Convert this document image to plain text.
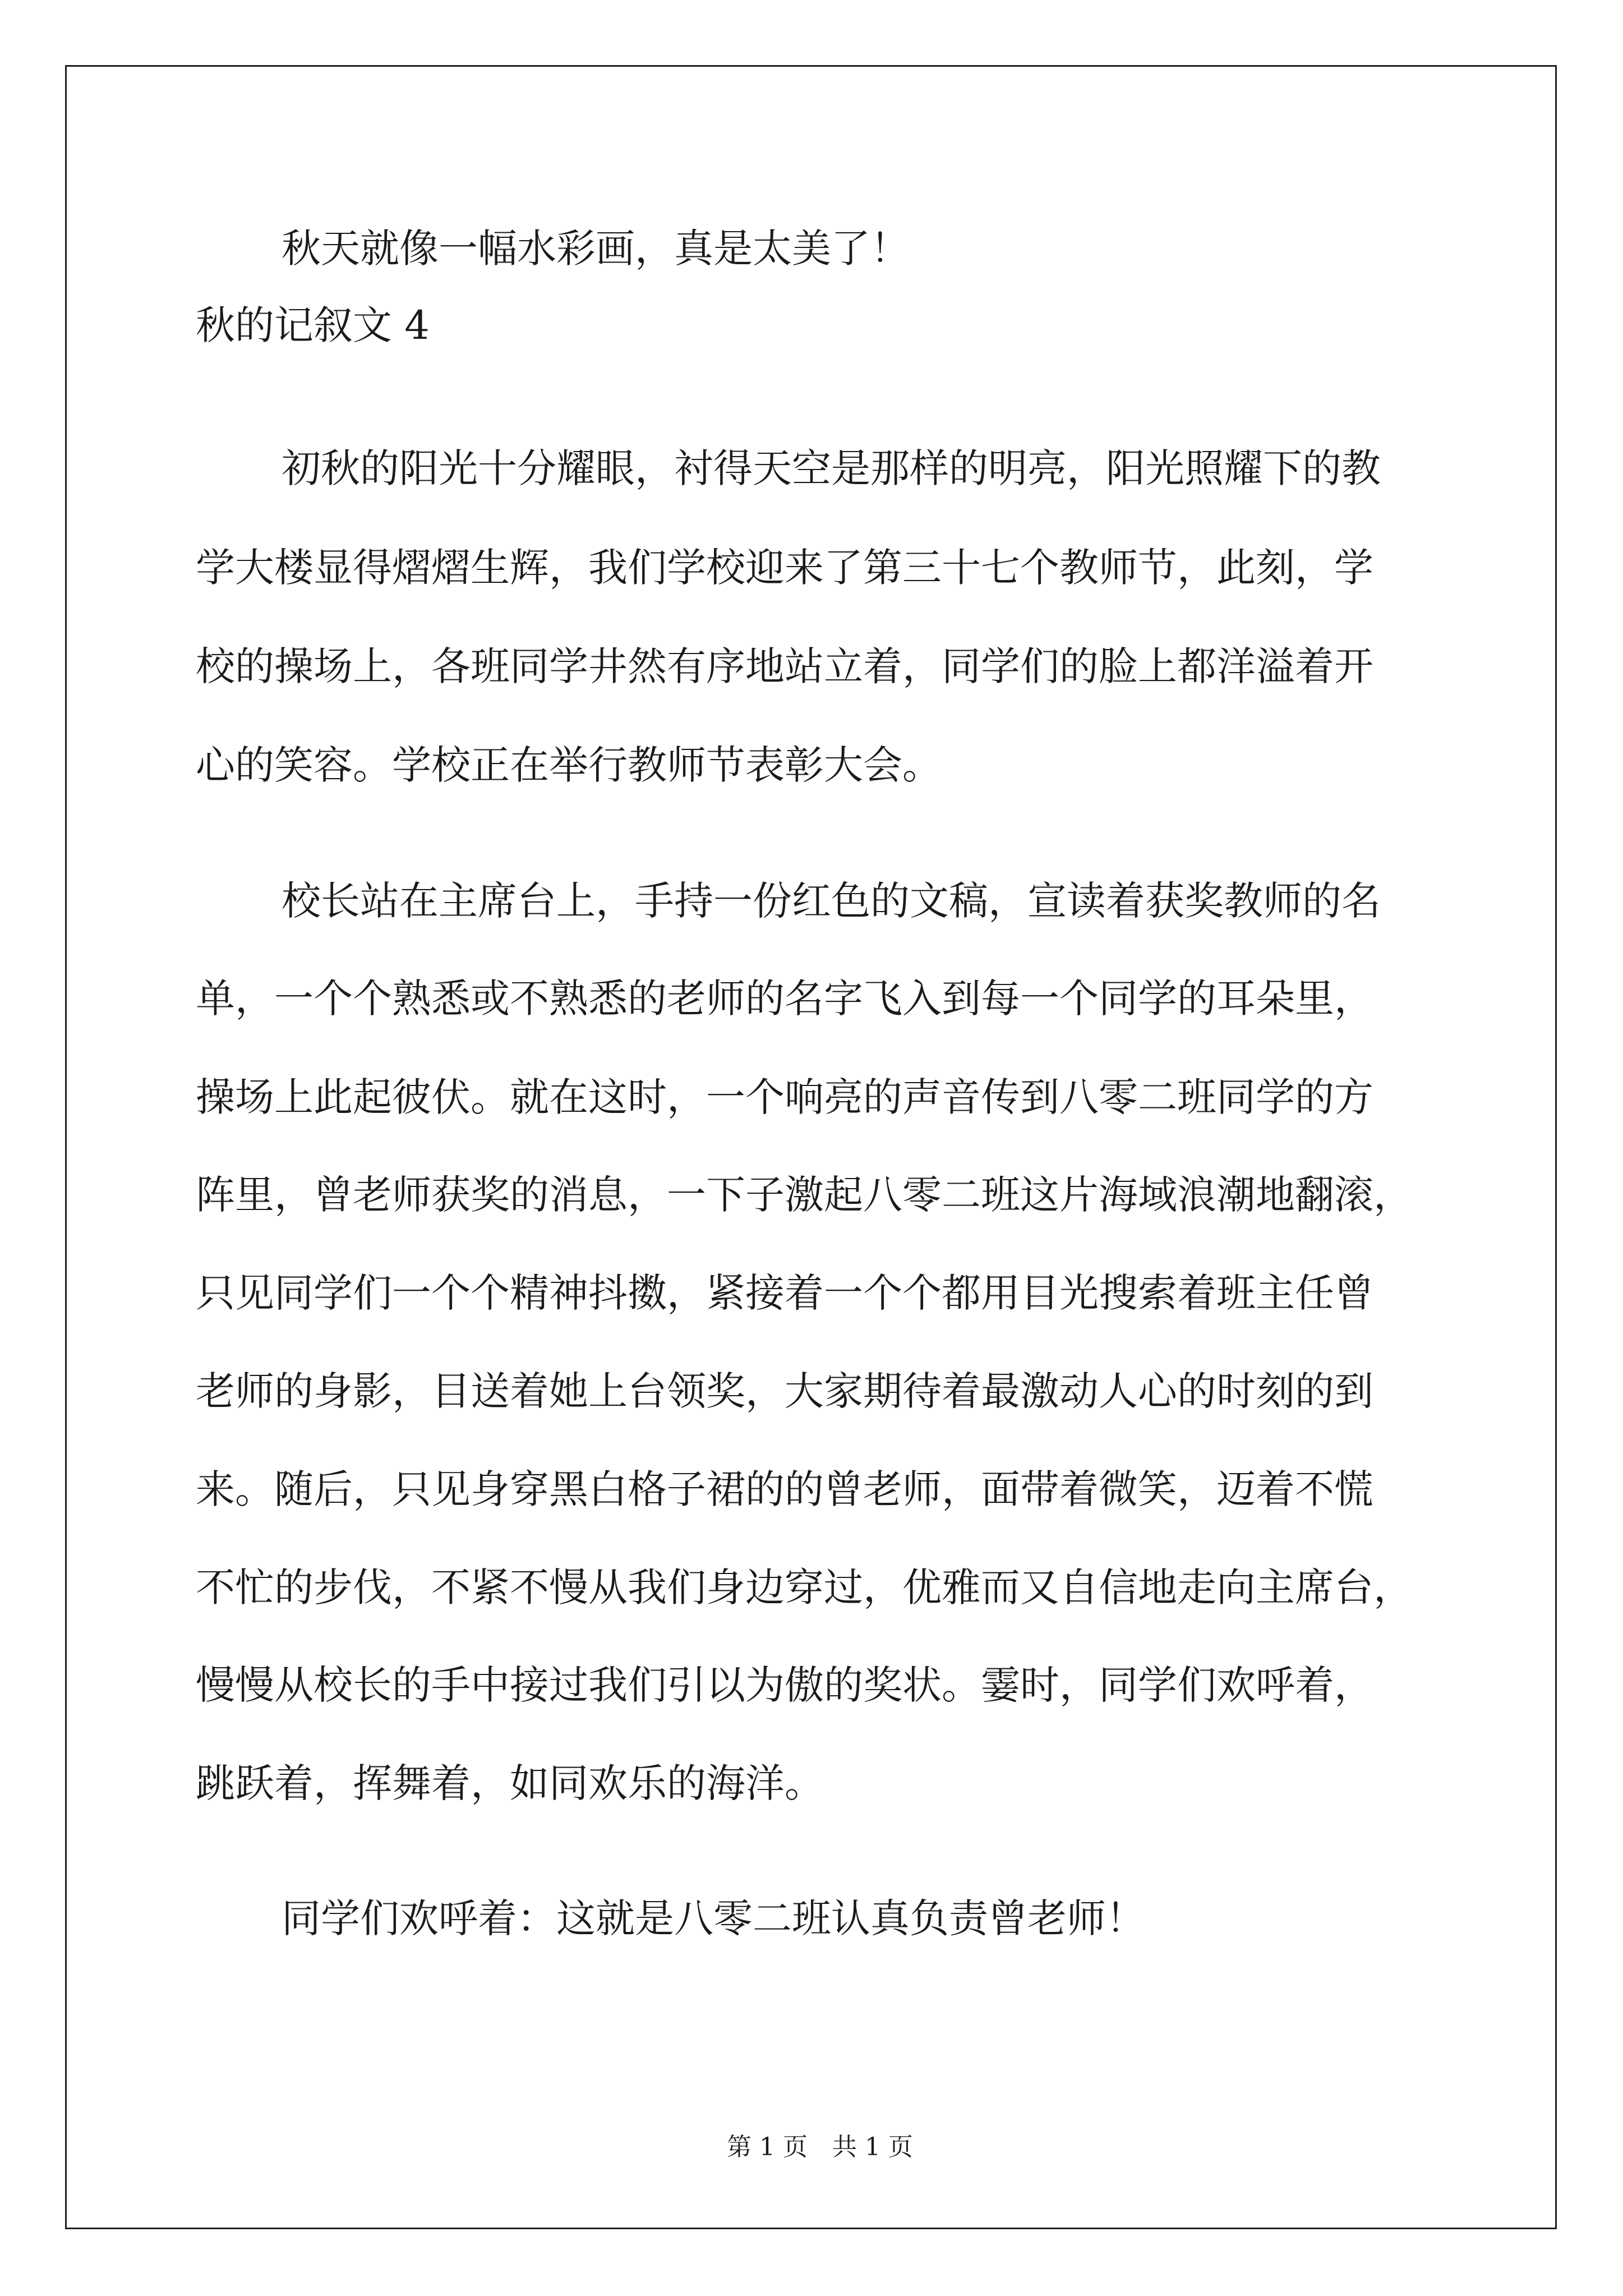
秋天就像一幅水彩画，真是太美了！

秋的记叙文 4

初秋的阳光十分耀眼，衬得天空是那样的明亮，阳光照耀下的教

学大楼显得熠熠生辉，我们学校迎来了第三十七个教师节，此刻，学

校的操场上，各班同学井然有序地站立着，同学们的脸上都洋溢着开

心的笑容。学校正在举行教师节表彰大会。

校长站在主席台上，手持一份红色的文稿，宣读着获奖教师的名

单，一个个熟悉或不熟悉的老师的名字飞入到每一个同学的耳朵里，

操场上此起彼伏。就在这时，一个响亮的声音传到八零二班同学的方

阵里，曾老师获奖的消息，一下子激起八零二班这片海域浪潮地翻滚，

只见同学们一个个精神抖擞，紧接着一个个都用目光搜索着班主任曾

老师的身影，目送着她上台领奖，大家期待着最激动人心的时刻的到

来。随后，只见身穿黑白格子裙的的曾老师，面带着微笑，迈着不慌

不忙的步伐，不紧不慢从我们身边穿过，优雅而又自信地走向主席台，

慢慢从校长的手中接过我们引以为傲的奖状。霎时，同学们欢呼着，

跳跃着，挥舞着，如同欢乐的海洋。

同学们欢呼着：这就是八零二班认真负责曾老师！

第 1 页　共 1 页
